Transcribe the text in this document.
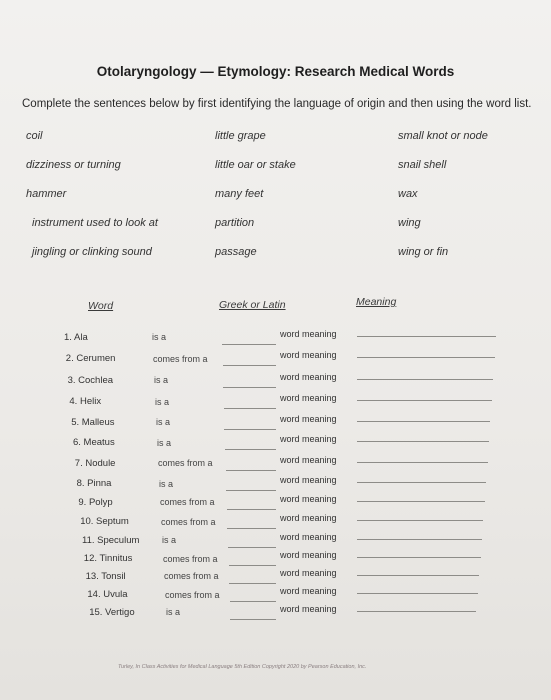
Otolaryngology — Etymology: Research Medical Words
Complete the sentences below by first identifying the language of origin and then using the word list.
coil	little grape	small knot or node
dizziness or turning	little oar or stake	snail shell
hammer	many feet	wax
instrument used to look at	partition	wing
jingling or clinking sound	passage	wing or fin
Word	Greek or Latin	Meaning
1. Ala	is a	word meaning
2. Cerumen	comes from a	word meaning
3. Cochlea	is a	word meaning
4. Helix	is a	word meaning
5. Malleus	is a	word meaning
6. Meatus	is a	word meaning
7. Nodule	comes from a	word meaning
8. Pinna	is a	word meaning
9. Polyp	comes from a	word meaning
10. Septum	comes from a	word meaning
11. Speculum	is a	word meaning
12. Tinnitus	comes from a	word meaning
13. Tonsil	comes from a	word meaning
14. Uvula	comes from a	word meaning
15. Vertigo	is a	word meaning
Turley, In Class Activities for Medical Language 5th Edition Copyright 2020 by Pearson Education, Inc.
